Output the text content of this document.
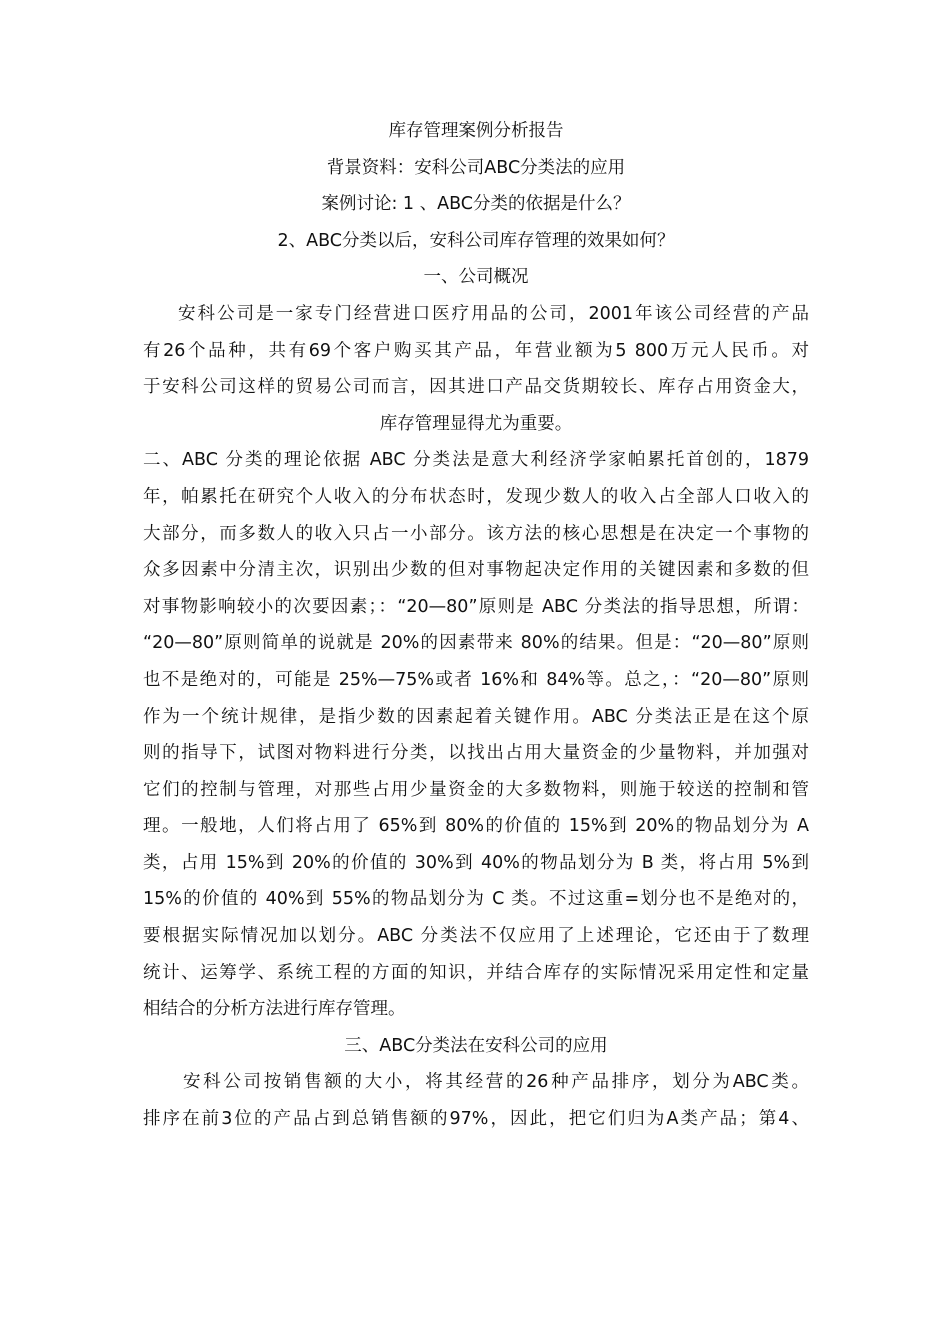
库存管理案例分析报告
背景资料：安科公司ABC分类法的应用
案例讨论: 1 、ABC分类的依据是什么？
2、ABC分类以后，安科公司库存管理的效果如何？
一、公司概况
安科公司是一家专门经营进口医疗用品的公司，2001年该公司经营的产品
有26个品种，共有69个客户购买其产品，年营业额为5 800万元人民币。对
于安科公司这样的贸易公司而言，因其进口产品交货期较长、库存占用资金大，
库存管理显得尤为重要。
二、ABC 分类的理论依据 ABC 分类法是意大利经济学家帕累托首创的，1879
年，帕累托在研究个人收入的分布状态时，发现少数人的收入占全部人口收入的
大部分，而多数人的收入只占一小部分。该方法的核心思想是在决定一个事物的
众多因素中分清主次，识别出少数的但对事物起决定作用的关键因素和多数的但
对事物影响较小的次要因素；：“20—80”原则是 ABC 分类法的指导思想，所谓：
“20—80”原则简单的说就是 20%的因素带来 80%的结果。但是：“20—80”原则
也不是绝对的，可能是 25%—75%或者 16%和 84%等。总之，：“20—80”原则
作为一个统计规律，是指少数的因素起着关键作用。ABC 分类法正是在这个原
则的指导下，试图对物料进行分类，以找出占用大量资金的少量物料，并加强对
它们的控制与管理，对那些占用少量资金的大多数物料，则施于较送的控制和管
理。一般地，人们将占用了 65%到 80%的价值的 15%到 20%的物品划分为 A
类，占用 15%到 20%的价值的 30%到 40%的物品划分为 B 类，将占用 5%到
15%的价值的 40%到 55%的物品划分为 C 类。不过这重=划分也不是绝对的，
要根据实际情况加以划分。ABC 分类法不仅应用了上述理论，它还由于了数理
统计、运筹学、系统工程的方面的知识，并结合库存的实际情况采用定性和定量
相结合的分析方法进行库存管理。
三、ABC分类法在安科公司的应用
安科公司按销售额的大小，将其经营的26种产品排序，划分为ABC类。
排序在前3位的产品占到总销售额的97%，因此，把它们归为A类产品；第4、
